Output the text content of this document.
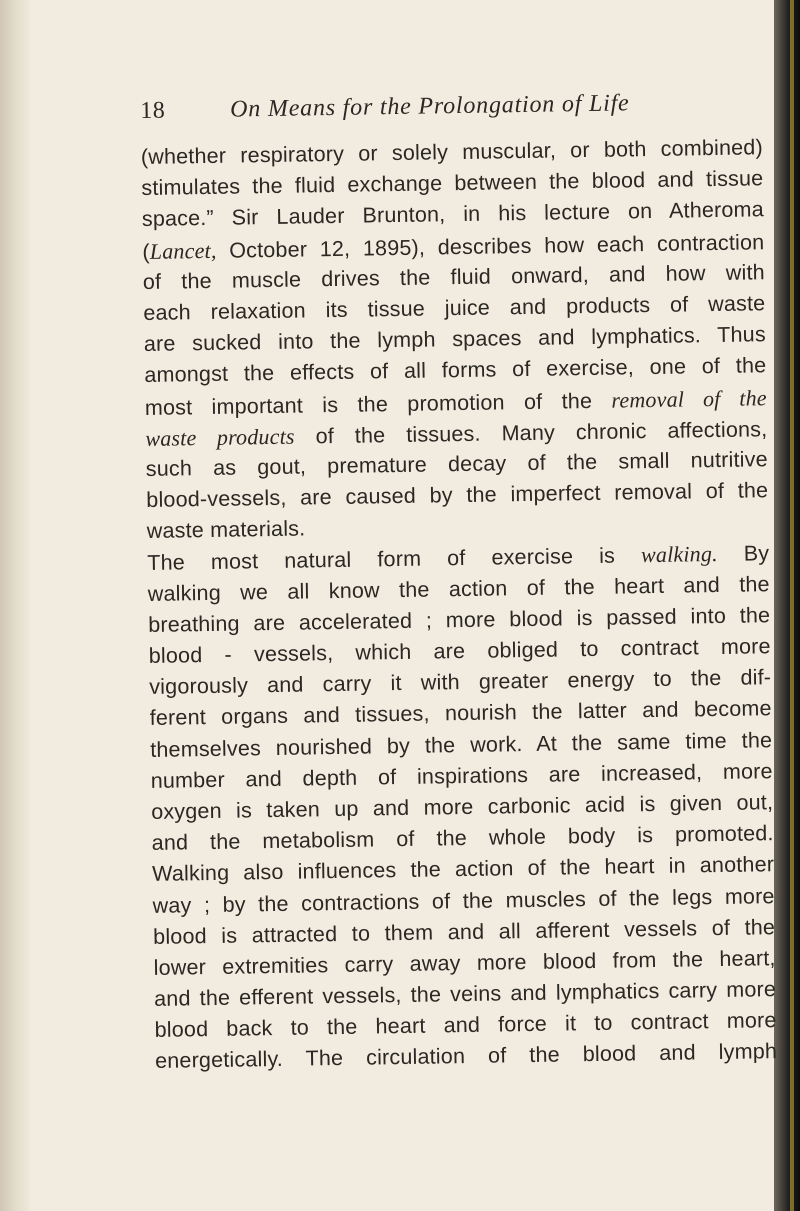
18	On Means for the Prolongation of Life
(whether respiratory or solely muscular, or both combined)
stimulates the fluid exchange between the blood and tissue
space.” Sir Lauder Brunton, in his lecture on Atheroma
(Lancet, October 12, 1895), describes how each contraction
of the muscle drives the fluid onward, and how with
each relaxation its tissue juice and products of waste
are sucked into the lymph spaces and lymphatics. Thus
amongst the effects of all forms of exercise, one of the
most important is the promotion of the removal of the
waste products of the tissues. Many chronic affections,
such as gout, premature decay of the small nutritive
blood-vessels, are caused by the imperfect removal of the
waste materials.
The most natural form of exercise is walking. By
walking we all know the action of the heart and the
breathing are accelerated ; more blood is passed into the
blood - vessels, which are obliged to contract more
vigorously and carry it with greater energy to the dif-
ferent organs and tissues, nourish the latter and become
themselves nourished by the work. At the same time the
number and depth of inspirations are increased, more
oxygen is taken up and more carbonic acid is given out,
and the metabolism of the whole body is promoted.
Walking also influences the action of the heart in another
way ; by the contractions of the muscles of the legs more
blood is attracted to them and all afferent vessels of the
lower extremities carry away more blood from the heart,
and the efferent vessels, the veins and lymphatics carry more
blood back to the heart and force it to contract more
energetically. The circulation of the blood and lymph
